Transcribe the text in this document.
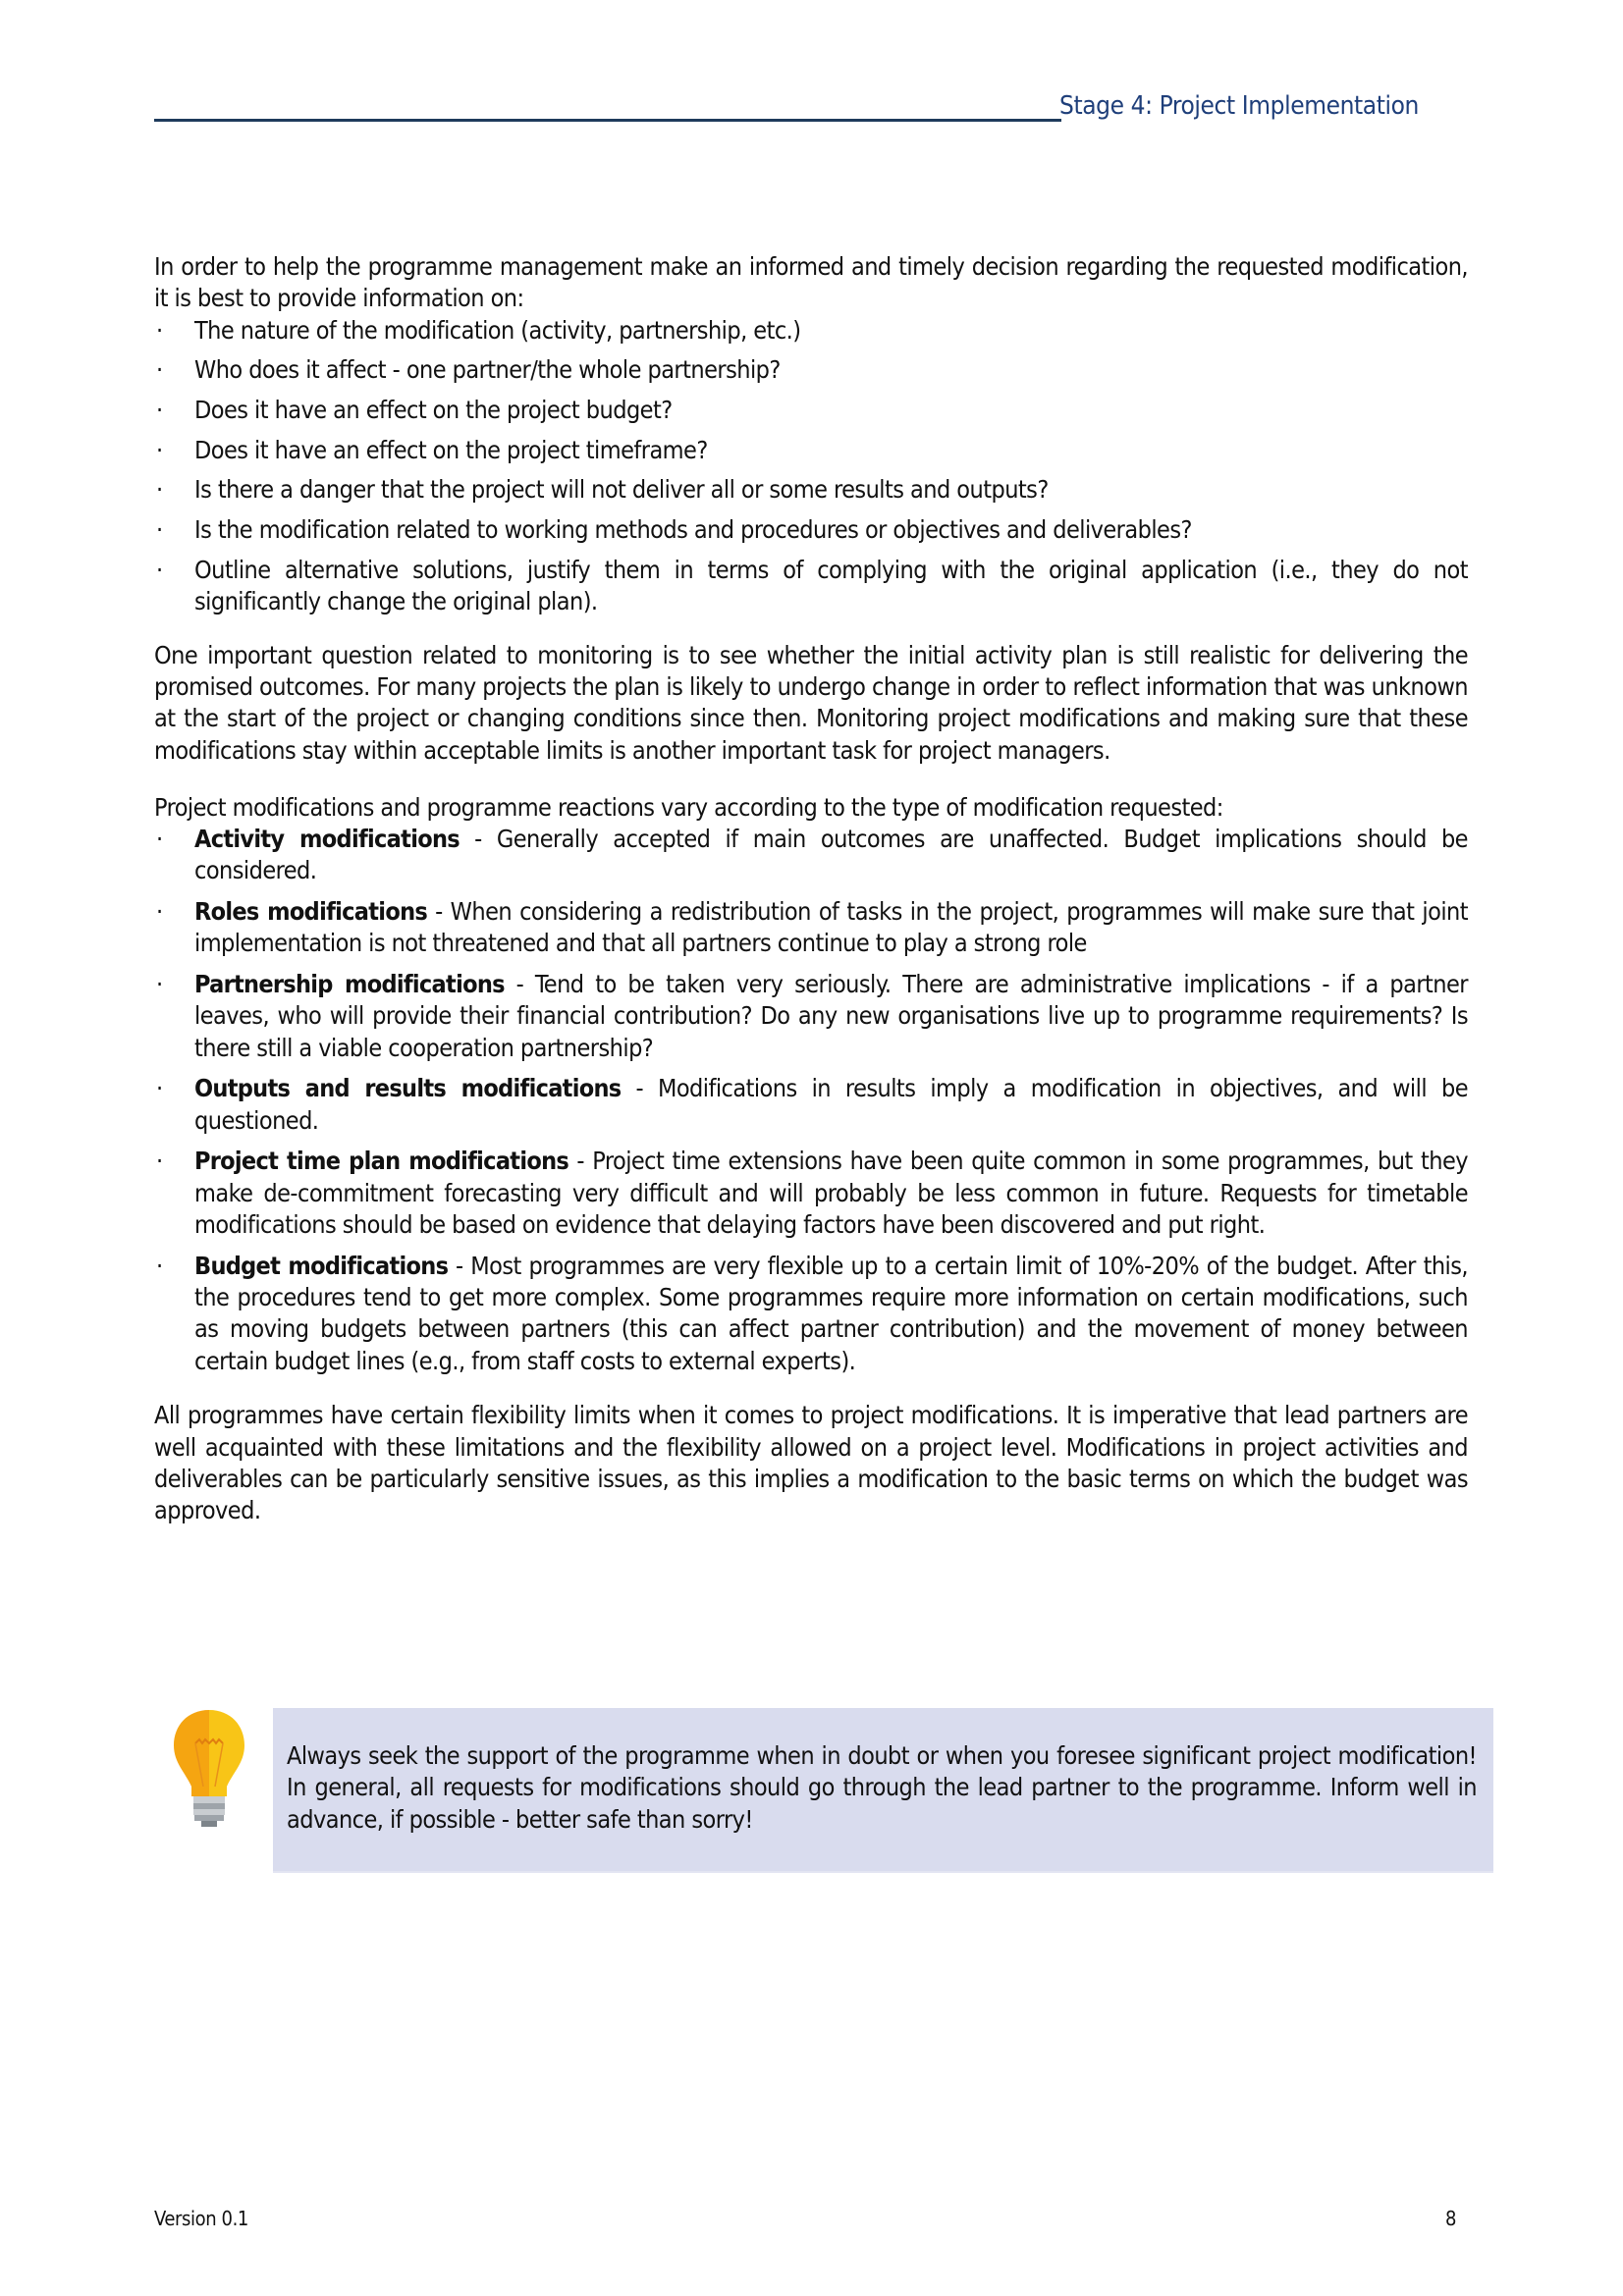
Stage 4: Project Implementation

In order to help the programme management make an informed and timely decision regarding the requested modification, it is best to provide information on:

·	The nature of the modification (activity, partnership, etc.)
·	Who does it affect - one partner/the whole partnership?
·	Does it have an effect on the project budget?
·	Does it have an effect on the project timeframe?
·	Is there a danger that the project will not deliver all or some results and outputs?
·	Is the modification related to working methods and procedures or objectives and deliverables?
·	Outline alternative solutions, justify them in terms of complying with the original application (i.e., they do not significantly change the original plan).

One important question related to monitoring is to see whether the initial activity plan is still realistic for delivering the promised outcomes. For many projects the plan is likely to undergo change in order to reflect information that was unknown at the start of the project or changing conditions since then. Monitoring project modifications and making sure that these modifications stay within acceptable limits is another important task for project managers.

Project modifications and programme reactions vary according to the type of modification requested:

·	Activity modifications - Generally accepted if main outcomes are unaffected. Budget implications should be considered.
·	Roles modifications - When considering a redistribution of tasks in the project, programmes will make sure that joint implementation is not threatened and that all partners continue to play a strong role
·	Partnership modifications - Tend to be taken very seriously. There are administrative implications - if a partner leaves, who will provide their financial contribution? Do any new organisations live up to programme requirements? Is there still a viable cooperation partnership?
·	Outputs and results modifications - Modifications in results imply a modification in objectives, and will be questioned.
·	Project time plan modifications - Project time extensions have been quite common in some programmes, but they make de-commitment forecasting very difficult and will probably be less common in future. Requests for timetable modifications should be based on evidence that delaying factors have been discovered and put right.
·	Budget modifications - Most programmes are very flexible up to a certain limit of 10%-20% of the budget. After this, the procedures tend to get more complex. Some programmes require more information on certain modifications, such as moving budgets between partners (this can affect partner contribution) and the movement of money between certain budget lines (e.g., from staff costs to external experts).

All programmes have certain flexibility limits when it comes to project modifications. It is imperative that lead partners are well acquainted with these limitations and the flexibility allowed on a project level. Modifications in project activities and deliverables can be particularly sensitive issues, as this implies a modification to the basic terms on which the budget was approved.

Always seek the support of the programme when in doubt or when you foresee significant project modification! In general, all requests for modifications should go through the lead partner to the programme. Inform well in advance, if possible - better safe than sorry!

Version 0.1	8
